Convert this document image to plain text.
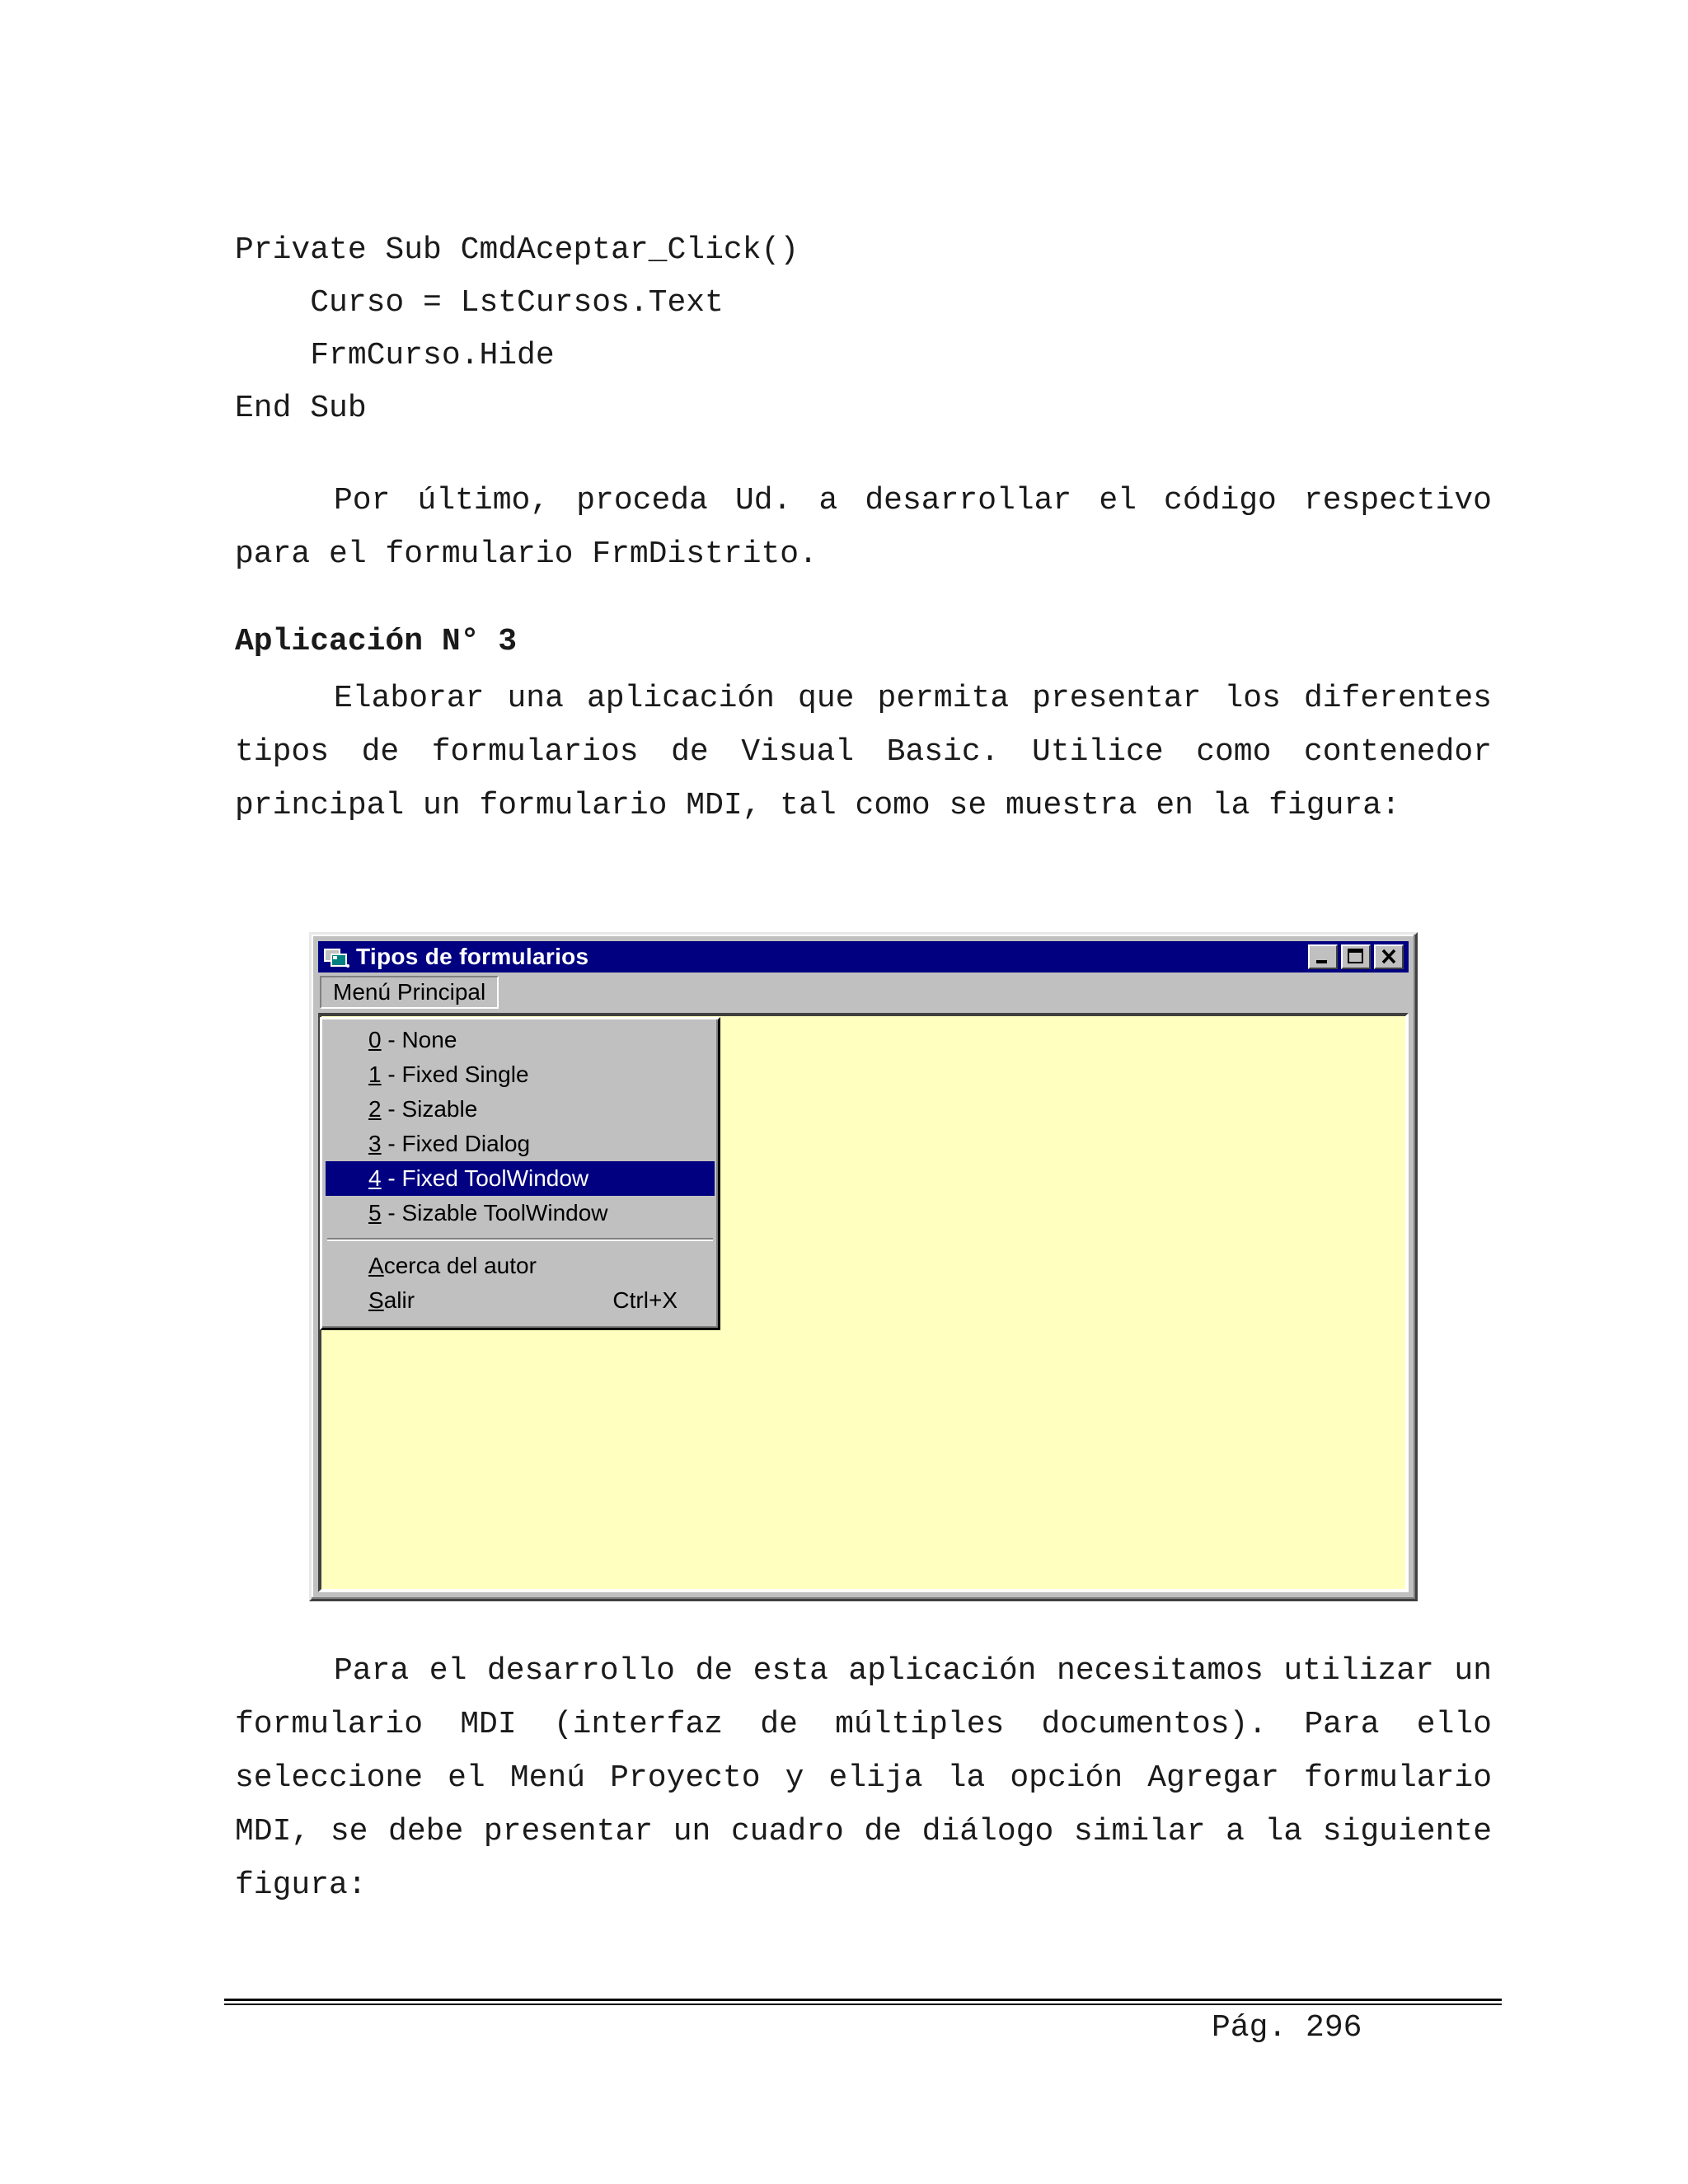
Private Sub CmdAceptar_Click()
Curso = LstCursos.Text
FrmCurso.Hide
End Sub
Por último, proceda Ud. a desarrollar el código respectivo para el formulario FrmDistrito.
Aplicación N° 3
Elaborar una aplicación que permita presentar los diferentes tipos de formularios de Visual Basic. Utilice como contenedor principal un formulario MDI, tal como se muestra en la figura:
Tipos de formularios
Menú Principal
0 - None
1 - Fixed Single
2 - Sizable
3 - Fixed Dialog
4 - Fixed ToolWindow
5 - Sizable ToolWindow
Acerca del autor
Salir	Ctrl+X
Para el desarrollo de esta aplicación necesitamos utilizar un formulario MDI (interfaz de múltiples documentos). Para ello seleccione el Menú Proyecto y elija la opción Agregar formulario MDI, se debe presentar un cuadro de diálogo similar a la siguiente figura:
Pág. 296
